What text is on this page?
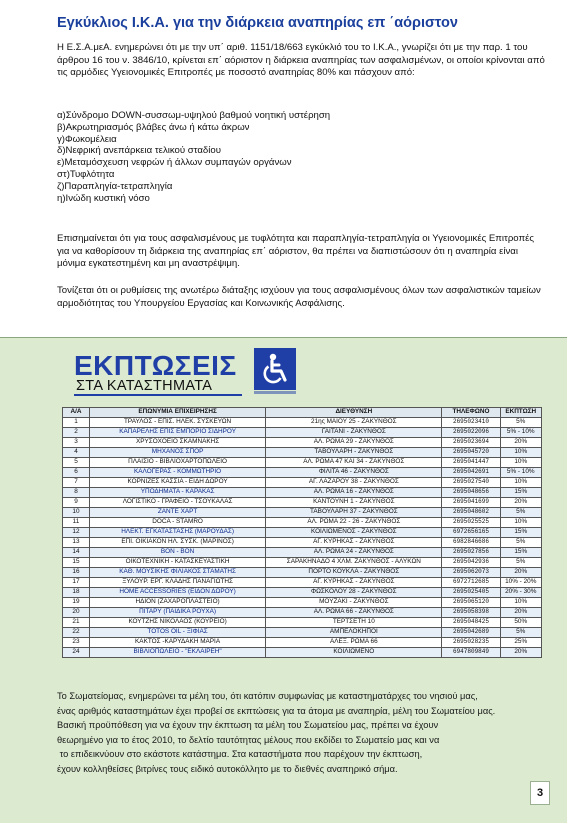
Εγκύκλιος Ι.Κ.Α. για την διάρκεια αναπηρίας επ ΄αόριστον
Η Ε.Σ.Α.μεΑ. ενημερώνει ότι με την υπ΄ αριθ. 1151/18/663 εγκύκλιό του το Ι.Κ.Α., γνωρίζει ότι με την παρ. 1 του άρθρου 16 του ν. 3846/10, κρίνεται επ΄ αόριστον η διάρκεια αναπηρίας των ασφαλισμένων, οι οποίοι κρίνονται από τις αρμόδιες Υγειονομικές Επιτροπές με ποσοστό αναπηρίας 80% και πάσχουν από:
α)Σύνδρομο DOWN-συσσωμ-υψηλού βαθμού νοητική υστέρηση
β)Ακρωτηριασμός βλάβες άνω ή κάτω άκρων
γ)Φωκομέλεια
δ)Νεφρική ανεπάρκεια τελικού σταδίου
ε)Μεταμόσχευση νεφρών ή άλλων συμπαγών οργάνων
στ)Τυφλότητα
ζ)Παραπληγία-τετραπληγία
η)Ινώδη κυστική νόσο
Επισημαίνεται ότι για τους ασφαλισμένους με τυφλότητα και παραπληγία-τετραπληγία οι Υγειονομικές Επιτροπές για να καθορίσουν τη διάρκεια της αναπηρίας επ΄ αόριστον, θα πρέπει να διαπιστώσουν ότι η αναπηρία είναι μόνιμα εγκατεστημένη και μη αναστρέψιμη.
Τονίζεται ότι οι ρυθμίσεις της ανωτέρω διάταξης ισχύουν για τους ασφαλισμένους όλων των ασφαλιστικών ταμείων αρμοδιότητας του Υπουργείου Εργασίας και Κοινωνικής Ασφάλισης.
ΕΚΠΤΩΣΕΙΣ
ΣΤΑ ΚΑΤΑΣΤΗΜΑΤΑ
Α/Α	ΕΠΩΝΥΜΙΑ ΕΠΙΧΕΙΡΗΣΗΣ	ΔΙΕΥΘΥΝΣΗ	ΤΗΛΕΦΩΝΟ	ΕΚΠΤΩΣΗ
1	ΤΡΑΥΛΟΣ - ΕΠΙΣ. ΗΛΕΚ. ΣΥΣΚΕΥΩΝ	21ης ΜΑΙΟΥ 25 - ΖΑΚΥΝΘΟΣ	2695023410	5%
2	ΚΑΠΑΡΕΛΗΣ ΕΠΙΣ ΕΜΠΟΡΙΟ ΣΙΔΗΡΟΥ	ΓΑΙΤΑΝΙ - ΖΑΚΥΝΘΟΣ	2695022096	5% - 10%
3	ΧΡΥΣΟΧΟΕΙΟ ΣΚΑΜΝΑΚΗΣ	ΑΛ. ΡΩΜΑ 29 - ΖΑΚΥΝΘΟΣ	2695023694	20%
4	ΜΗΧΑΝΟΣ ΣΠΟΡ	ΤΑΒΟΥΛΑΡΗ - ΖΑΚΥΝΘΟΣ	2695045720	10%
5	ΠΛΑΙΣΙΟ - ΒΙΒΛΙΟΧΑΡΤΟΠΩΛΕΙΟ	ΑΛ. ΡΩΜΑ 47 ΚΑΙ 34 - ΖΑΚΥΝΘΟΣ	2695041447	10%
6	ΚΑΛΟΓΕΡΑΣ - ΚΟΜΜΩΤΗΡΙΟ	ΦΙΛΙΤΑ 46 - ΖΑΚΥΝΘΟΣ	2695042691	5% - 10%
7	ΚΟΡΝΙΖΕΣ ΚΑΣΣΙΑ - ΕΙΔΗ ΔΩΡΟΥ	ΑΓ. ΛΑΖΑΡΟΥ 38 - ΖΑΚΥΝΘΟΣ	2695027540	10%
8	ΥΠΟΔΗΜΑΤΑ - ΚΑΡΑΚΑΣ	ΑΛ. ΡΩΜΑ 16 - ΖΑΚΥΝΘΟΣ	2695048656	15%
9	ΛΟΓΙΣΤΙΚΟ - ΓΡΑΦΕΙΟ - ΤΣΟΥΚΑΛΑΣ	ΚΑΝΤΟΥΝΗ 1 - ΖΑΚΥΝΘΟΣ	2695041699	20%
10	ΖΑΝΤΕ ΧΑΡΤ	ΤΑΒΟΥΛΑΡΗ 37 - ΖΑΚΥΝΘΟΣ	2695048602	5%
11	DOCA - STAMRO	ΑΛ. ΡΩΜΑ 22 - 26 - ΖΑΚΥΝΘΟΣ	2695025525	10%
12	ΗΛΕΚΤ. ΕΓΚΑΤΑΣΤΑΣΗΣ (ΜΑΡΟΥΔΑΣ)	ΚΟΙΛΙΩΜΕΝΟΣ - ΖΑΚΥΝΘΟΣ	6972656165	15%
13	ΕΠΙ. ΟΙΚΙΑΚΟΝ ΗΛ. ΣΥΣΚ. (ΜΑΡΙΝΟΣ)	ΑΓ. ΚΥΡΗΚΑΣ - ΖΑΚΥΝΘΟΣ	6982846686	5%
14	BON - BON	ΑΛ. ΡΩΜΑ 24 - ΖΑΚΥΝΘΟΣ	2695027856	15%
15	ΟΙΚΟΤΕΧΝΙΚΗ - ΚΑΤΑΣΚΕΥΑΣΤΙΚΗ	ΣΑΡΑΚΗΝΑΔΟ 4 ΧΛΜ. ΖΑΚΥΝΘΟΣ - ΑΛΥΚΩΝ	2695042936	5%
16	ΚΑΘ. ΜΟΥΣΙΚΗΣ ΦΙΛΙΑΚΟΣ ΣΤΑΜΑΤΗΣ	ΠΟΡΤΟ ΚΟΥΚΛΑ - ΖΑΚΥΝΘΟΣ	2695062073	20%
17	ΞΥΛΟΥΡ. ΕΡΓ. ΚΛΑΔΗΣ ΠΑΝΑΓΙΩΤΗΣ	ΑΓ. ΚΥΡΗΚΑΣ - ΖΑΚΥΝΘΟΣ	6972712685	10% - 20%
18	HOME ACCESSORIES (ΕΙΔΟΝ ΔΩΡΟΥ)	ΦΩΣΚΟΛΟΥ 28 - ΖΑΚΥΝΘΟΣ	2695025405	20% - 30%
19	ΗΔΙΟΝ (ΖΑΧΑΡΟΠΛΑΣΤΕΙΟ)	ΜΟΥΖΑΚΙ - ΖΑΚΥΝΘΟΣ	2695065120	10%
20	ΠΙΤΑΡΥ (ΠΑΙΔΙΚΑ ΡΟΥΧΑ)	ΑΛ. ΡΩΜΑ 66 - ΖΑΚΥΝΘΟΣ	2695058398	20%
21	ΚΟΥΤΖΗΣ ΝΙΚΟΛΑΟΣ (ΚΟΥΡΕΙΟ)	ΤΕΡΤΣΕΤΗ 10	2695048425	50%
22	TOTOS OIL - ΞΙΦΙΑΣ	ΑΜΠΕΛΟΚΗΠΟΙ	2695042689	5%
23	ΚΑΚΤΟΣ -ΚΑΡΥΔΑΚΗ ΜΑΡΙΑ	ΑΛΕΞ. ΡΩΜΑ 66	2695028235	25%
24	ΒΙΒΛΙΟΠΩΛΕΙΟ - "ΕΚΛΑΙΡΕΗ"	ΚΟΙΛΙΩΜΕΝΟ	6947809849	20%
Το Σωματείομας, ενημερώνει τα μέλη του, ότι κατόπιν συμφωνίας με καταστηματάρχες του νησιού μας,
ένας αριθμός καταστημάτων έχει προβεί σε εκπτώσεις για τα άτομα με αναπηρία, μέλη του Σωματείου μας.
Βασική προϋπόθεση για να έχουν την έκπτωση τα μέλη του Σωματείου μας, πρέπει να έχουν
θεωρημένο για το έτος 2010, το δελτίο ταυτότητας μέλους που εκδίδει το Σωματείο μας και να
το επιδεικνύουν στο εκάστοτε κατάστημα. Στα καταστήματα που παρέχουν την έκπτωση,
έχουν κολληθείσες βιτρίνες τους ειδικό αυτοκόλλητο με το διεθνές αναπηρικό σήμα.
3
